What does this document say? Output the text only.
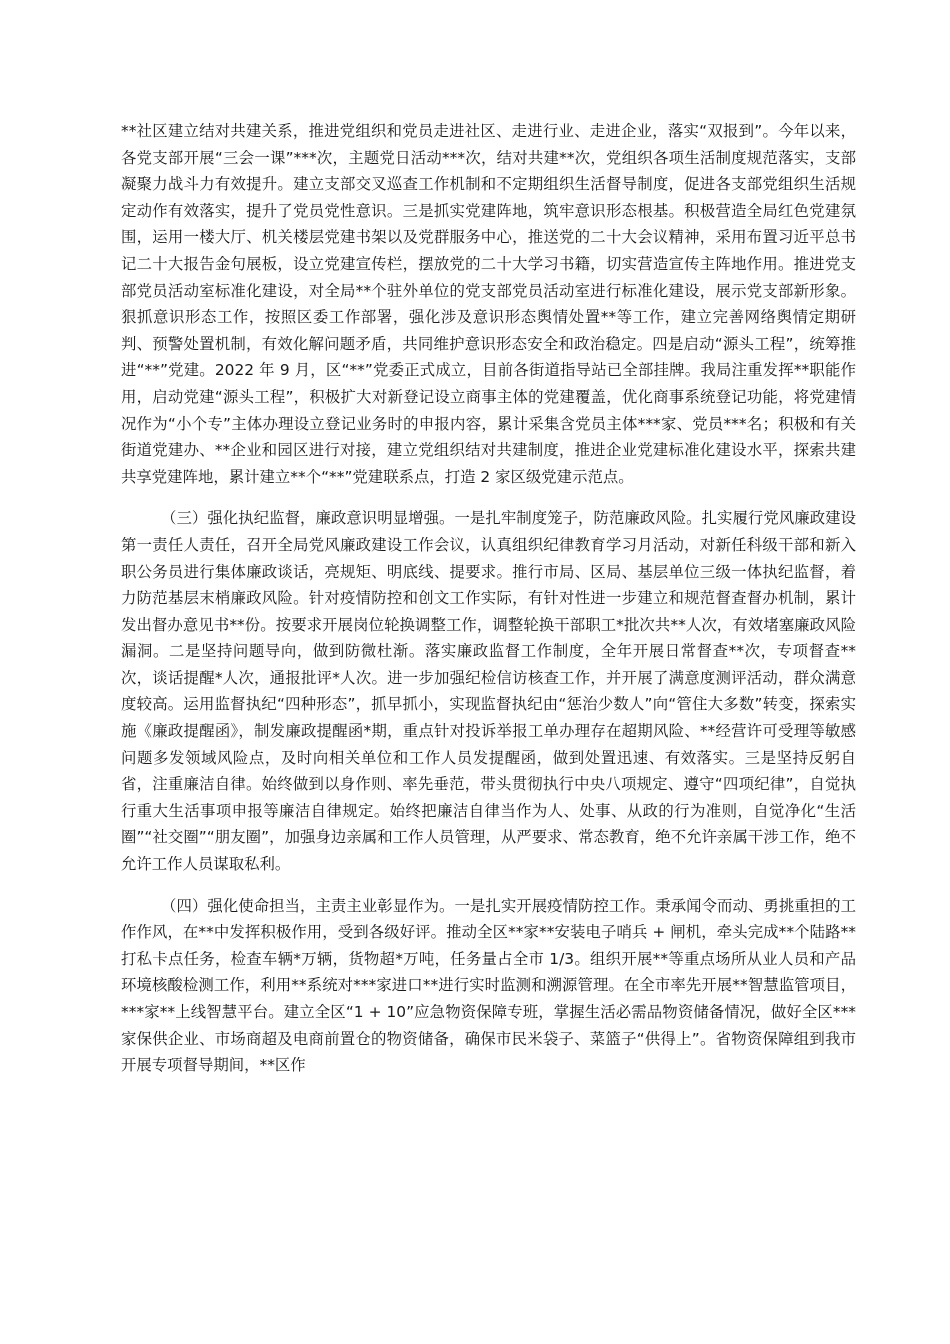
**社区建立结对共建关系，推进党组织和党员走进社区、走进行业、走进企业，落实“双报到”。今年以来，各党支部开展“三会一课”***次，主题党日活动***次，结对共建**次，党组织各项生活制度规范落实，支部凝聚力战斗力有效提升。建立支部交叉巡查工作机制和不定期组织生活督导制度，促进各支部党组织生活规定动作有效落实，提升了党员党性意识。三是抓实党建阵地，筑牢意识形态根基。积极营造全局红色党建氛围，运用一楼大厅、机关楼层党建书架以及党群服务中心，推送党的二十大会议精神，采用布置习近平总书记二十大报告金句展板，设立党建宣传栏，摆放党的二十大学习书籍，切实营造宣传主阵地作用。推进党支部党员活动室标准化建设，对全局**个驻外单位的党支部党员活动室进行标准化建设，展示党支部新形象。狠抓意识形态工作，按照区委工作部署，强化涉及意识形态舆情处置**等工作，建立完善网络舆情定期研判、预警处置机制，有效化解问题矛盾，共同维护意识形态安全和政治稳定。四是启动“源头工程”，统筹推进“**”党建。2022 年 9 月，区“**”党委正式成立，目前各街道指导站已全部挂牌。我局注重发挥**职能作用，启动党建“源头工程”，积极扩大对新登记设立商事主体的党建覆盖，优化商事系统登记功能，将党建情况作为“小个专”主体办理设立登记业务时的申报内容，累计采集含党员主体***家、党员***名；积极和有关街道党建办、**企业和园区进行对接，建立党组织结对共建制度，推进企业党建标准化建设水平，探索共建共享党建阵地，累计建立**个“**”党建联系点，打造 2 家区级党建示范点。

（三）强化执纪监督，廉政意识明显增强。一是扎牢制度笼子，防范廉政风险。扎实履行党风廉政建设第一责任人责任，召开全局党风廉政建设工作会议，认真组织纪律教育学习月活动，对新任科级干部和新入职公务员进行集体廉政谈话，亮规矩、明底线、提要求。推行市局、区局、基层单位三级一体执纪监督，着力防范基层末梢廉政风险。针对疫情防控和创文工作实际，有针对性进一步建立和规范督查督办机制，累计发出督办意见书**份。按要求开展岗位轮换调整工作，调整轮换干部职工*批次共**人次，有效堵塞廉政风险漏洞。二是坚持问题导向，做到防微杜渐。落实廉政监督工作制度，全年开展日常督查**次，专项督查**次，谈话提醒*人次，通报批评*人次。进一步加强纪检信访核查工作，并开展了满意度测评活动，群众满意度较高。运用监督执纪“四种形态”，抓早抓小，实现监督执纪由“惩治少数人”向“管住大多数”转变，探索实施《廉政提醒函》，制发廉政提醒函*期，重点针对投诉举报工单办理存在超期风险、**经营许可受理等敏感问题多发领域风险点，及时向相关单位和工作人员发提醒函，做到处置迅速、有效落实。三是坚持反躬自省，注重廉洁自律。始终做到以身作则、率先垂范，带头贯彻执行中央八项规定、遵守“四项纪律”，自觉执行重大生活事项申报等廉洁自律规定。始终把廉洁自律当作为人、处事、从政的行为准则，自觉净化“生活圈”“社交圈”“朋友圈”，加强身边亲属和工作人员管理，从严要求、常态教育，绝不允许亲属干涉工作，绝不允许工作人员谋取私利。

（四）强化使命担当，主责主业彰显作为。一是扎实开展疫情防控工作。秉承闻令而动、勇挑重担的工作作风，在**中发挥积极作用，受到各级好评。推动全区**家**安装电子哨兵 + 闸机，牵头完成**个陆路**打私卡点任务，检查车辆*万辆，货物超*万吨，任务量占全市 1/3。组织开展**等重点场所从业人员和产品环境核酸检测工作，利用**系统对***家进口**进行实时监测和溯源管理。在全市率先开展**智慧监管项目，***家**上线智慧平台。建立全区“1 + 10”应急物资保障专班，掌握生活必需品物资储备情况，做好全区***家保供企业、市场商超及电商前置仓的物资储备，确保市民米袋子、菜篮子“供得上”。省物资保障组到我市开展专项督导期间，**区作
